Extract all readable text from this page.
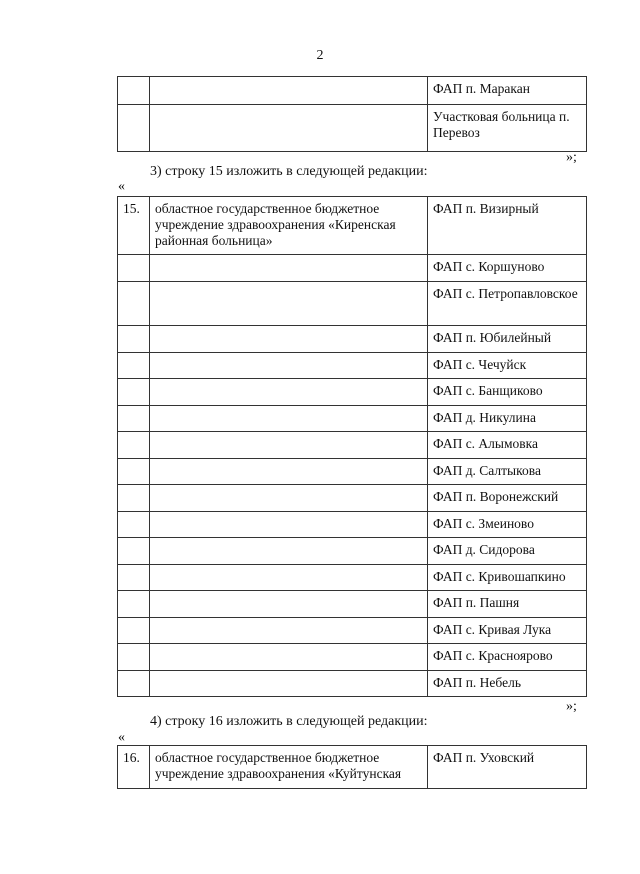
2
		ФАП п. Маракан
		Участковая больница п. Перевоз
»;
3) строку 15 изложить в следующей редакции:
«
15.	областное государственное бюджетное учреждение здравоохранения «Киренская районная больница»	ФАП п. Визирный
		ФАП с. Коршуново
		ФАП с. Петропавловское
		ФАП п. Юбилейный
		ФАП с. Чечуйск
		ФАП с. Банщиково
		ФАП д. Никулина
		ФАП с. Алымовка
		ФАП д. Салтыкова
		ФАП п. Воронежский
		ФАП с. Змеиново
		ФАП д. Сидорова
		ФАП с. Кривошапкино
		ФАП п. Пашня
		ФАП с. Кривая Лука
		ФАП с. Красноярово
		ФАП п. Небель
»;
4) строку 16 изложить в следующей редакции:
«
16.	областное государственное бюджетное учреждение здравоохранения «Куйтунская	ФАП п. Уховский
